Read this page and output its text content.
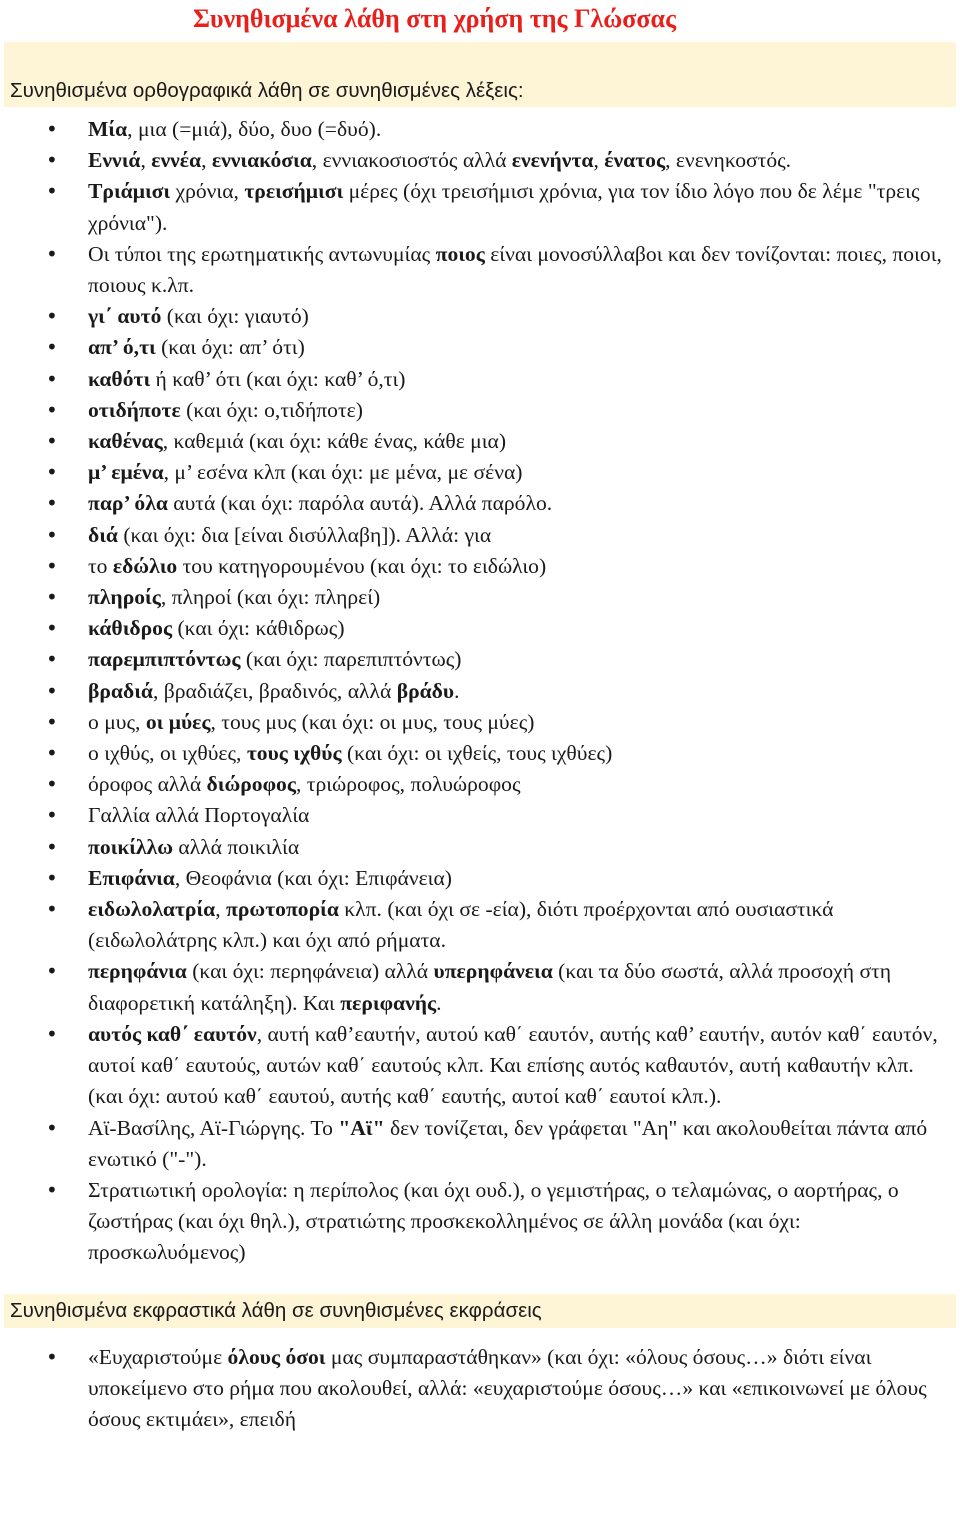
Συνηθισμένα λάθη στη χρήση της Γλώσσας
Συνηθισμένα ορθογραφικά λάθη σε συνηθισμένες λέξεις:
• Μία, μια (=μιά), δύο, δυο (=δυό).
• Εννιά, εννέα, εννιακόσια, εννιακοσιοστός αλλά ενενήντα, ένατος, ενενηκοστός.
• Τριάμισι χρόνια, τρεισήμισι μέρες (όχι τρεισήμισι χρόνια, για τον ίδιο λόγο που δε λέμε "τρεις χρόνια").
• Οι τύποι της ερωτηματικής αντωνυμίας ποιος είναι μονοσύλλαβοι και δεν τονίζονται: ποιες, ποιοι, ποιους κ.λπ.
• γι΄ αυτό (και όχι: γιαυτό)
• απ’ ό,τι (και όχι: απ’ ότι)
• καθότι ή καθ’ ότι (και όχι: καθ’ ό,τι)
• οτιδήποτε (και όχι: ο,τιδήποτε)
• καθένας, καθεμιά (και όχι: κάθε ένας, κάθε μια)
• μ’ εμένα, μ’ εσένα κλπ (και όχι: με μένα, με σένα)
• παρ’ όλα αυτά (και όχι: παρόλα αυτά). Αλλά παρόλο.
• διά (και όχι: δια [είναι δισύλλαβη]). Αλλά: για
• το εδώλιο του κατηγορουμένου (και όχι: το ειδώλιο)
• πληροίς, πληροί (και όχι: πληρεί)
• κάθιδρος (και όχι: κάθιδρως)
• παρεμπιπτόντως (και όχι: παρεπιπτόντως)
• βραδιά, βραδιάζει, βραδινός, αλλά βράδυ.
• ο μυς, οι μύες, τους μυς (και όχι: οι μυς, τους μύες)
• ο ιχθύς, οι ιχθύες, τους ιχθύς (και όχι: οι ιχθείς, τους ιχθύες)
• όροφος αλλά διώροφος, τριώροφος, πολυώροφος
• Γαλλία αλλά Πορτογαλία
• ποικίλλω αλλά ποικιλία
• Επιφάνια, Θεοφάνια (και όχι: Επιφάνεια)
• ειδωλολατρία, πρωτοπορία κλπ. (και όχι σε -εία), διότι προέρχονται από ουσιαστικά (ειδωλολάτρης κλπ.) και όχι από ρήματα.
• περηφάνια (και όχι: περηφάνεια) αλλά υπερηφάνεια (και τα δύο σωστά, αλλά προσοχή στη διαφορετική κατάληξη). Και περιφανής.
• αυτός καθ΄ εαυτόν, αυτή καθ’εαυτήν, αυτού καθ΄ εαυτόν, αυτής καθ’ εαυτήν, αυτόν καθ΄ εαυτόν, αυτοί καθ΄ εαυτούς, αυτών καθ΄ εαυτούς κλπ. Και επίσης αυτός καθαυτόν, αυτή καθαυτήν κλπ.(και όχι: αυτού καθ΄ εαυτού, αυτής καθ΄ εαυτής, αυτοί καθ΄ εαυτοί κλπ.).
• Αϊ-Βασίλης, Αϊ-Γιώργης. Το "Αϊ" δεν τονίζεται, δεν γράφεται "Αη" και ακολουθείται πάντα από ενωτικό ("-").
• Στρατιωτική ορολογία: η περίπολος (και όχι ουδ.), ο γεμιστήρας, ο τελαμώνας, ο αορτήρας, ο ζωστήρας (και όχι θηλ.), στρατιώτης προσκεκολλημένος σε άλλη μονάδα (και όχι: προσκωλυόμενος)
Συνηθισμένα εκφραστικά λάθη σε συνηθισμένες εκφράσεις
• «Ευχαριστούμε όλους όσοι μας συμπαραστάθηκαν» (και όχι: «όλους όσους…» διότι είναι υποκείμενο στο ρήμα που ακολουθεί, αλλά: «ευχαριστούμε όσους…» και «επικοινωνεί με όλους όσους εκτιμάει», επειδή
